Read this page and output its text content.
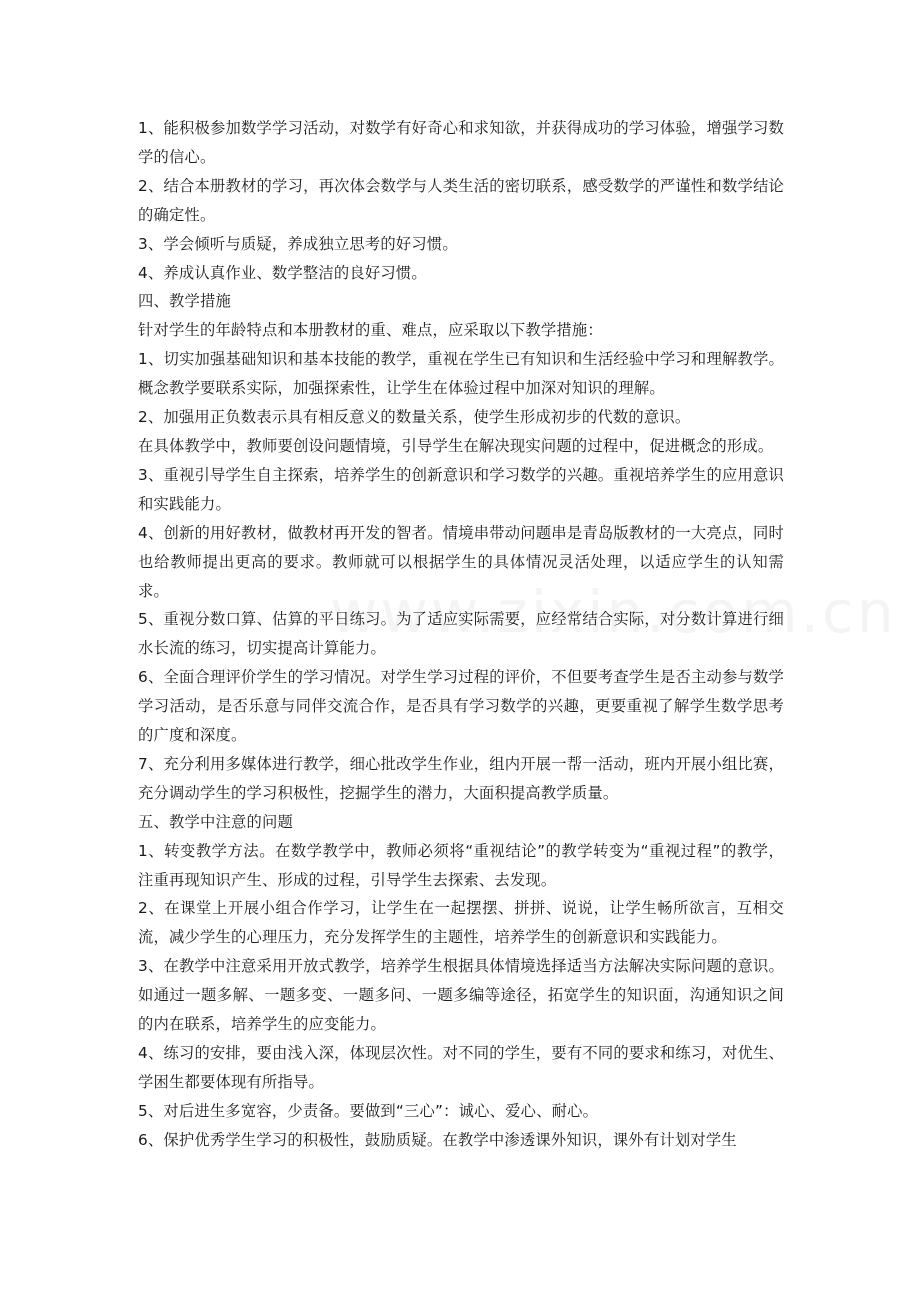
1、能积极参加数学学习活动，对数学有好奇心和求知欲，并获得成功的学习体验，增强学习数学的信心。

2、结合本册教材的学习，再次体会数学与人类生活的密切联系，感受数学的严谨性和数学结论的确定性。

3、学会倾听与质疑，养成独立思考的好习惯。

4、养成认真作业、数学整洁的良好习惯。

四、教学措施

针对学生的年龄特点和本册教材的重、难点，应采取以下教学措施：

1、切实加强基础知识和基本技能的教学，重视在学生已有知识和生活经验中学习和理解教学。概念教学要联系实际，加强探索性，让学生在体验过程中加深对知识的理解。

2、加强用正负数表示具有相反意义的数量关系，使学生形成初步的代数的意识。

在具体教学中，教师要创设问题情境，引导学生在解决现实问题的过程中，促进概念的形成。

3、重视引导学生自主探索，培养学生的创新意识和学习数学的兴趣。重视培养学生的应用意识和实践能力。

4、创新的用好教材，做教材再开发的智者。情境串带动问题串是青岛版教材的一大亮点，同时也给教师提出更高的要求。教师就可以根据学生的具体情况灵活处理，以适应学生的认知需求。

5、重视分数口算、估算的平日练习。为了适应实际需要，应经常结合实际，对分数计算进行细水长流的练习，切实提高计算能力。

6、全面合理评价学生的学习情况。对学生学习过程的评价，不但要考查学生是否主动参与数学学习活动，是否乐意与同伴交流合作，是否具有学习数学的兴趣，更要重视了解学生数学思考的广度和深度。

7、充分利用多媒体进行教学，细心批改学生作业，组内开展一帮一活动，班内开展小组比赛，充分调动学生的学习积极性，挖掘学生的潜力，大面积提高教学质量。

五、教学中注意的问题

1、转变教学方法。在数学教学中，教师必须将“重视结论”的教学转变为“重视过程”的教学，注重再现知识产生、形成的过程，引导学生去探索、去发现。

2、在课堂上开展小组合作学习，让学生在一起摆摆、拼拼、说说，让学生畅所欲言，互相交流，减少学生的心理压力，充分发挥学生的主题性，培养学生的创新意识和实践能力。

3、在教学中注意采用开放式教学，培养学生根据具体情境选择适当方法解决实际问题的意识。如通过一题多解、一题多变、一题多问、一题多编等途径，拓宽学生的知识面，沟通知识之间的内在联系，培养学生的应变能力。

4、练习的安排，要由浅入深，体现层次性。对不同的学生，要有不同的要求和练习，对优生、学困生都要体现有所指导。

5、对后进生多宽容，少责备。要做到“三心”：诚心、爱心、耐心。

6、保护优秀学生学习的积极性，鼓励质疑。在教学中渗透课外知识，课外有计划对学生
